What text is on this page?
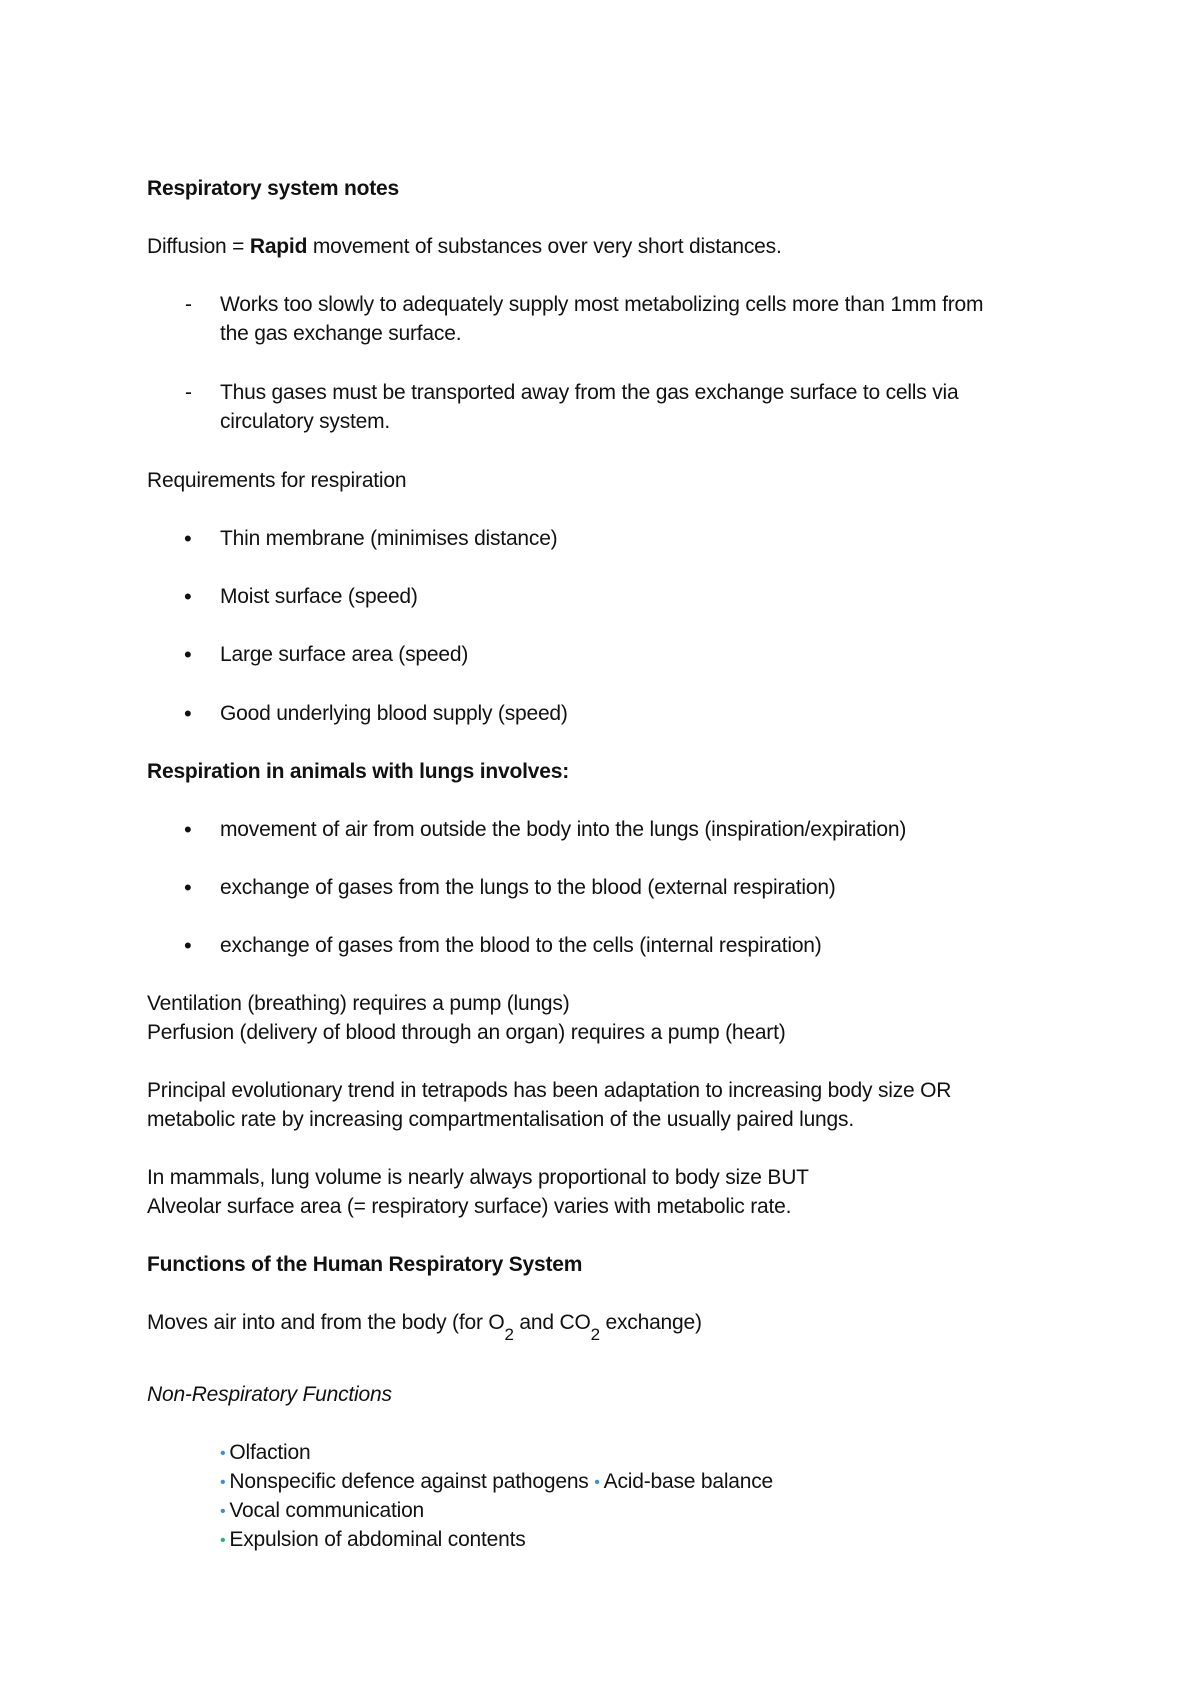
Respiratory system notes
Diffusion = Rapid movement of substances over very short distances.
- Works too slowly to adequately supply most metabolizing cells more than 1mm from
the gas exchange surface.
- Thus gases must be transported away from the gas exchange surface to cells via
circulatory system.
Requirements for respiration
• Thin membrane (minimises distance)
• Moist surface (speed)
• Large surface area (speed)
• Good underlying blood supply (speed)
Respiration in animals with lungs involves:
• movement of air from outside the body into the lungs (inspiration/expiration)
• exchange of gases from the lungs to the blood (external respiration)
• exchange of gases from the blood to the cells (internal respiration)
Ventilation (breathing) requires a pump (lungs)
Perfusion (delivery of blood through an organ) requires a pump (heart)
Principal evolutionary trend in tetrapods has been adaptation to increasing body size OR
metabolic rate by increasing compartmentalisation of the usually paired lungs.
In mammals, lung volume is nearly always proportional to body size BUT
Alveolar surface area (= respiratory surface) varies with metabolic rate.
Functions of the Human Respiratory System
Moves air into and from the body (for $O_2$ and $CO_2$ exchange)
Non-Respiratory Functions
• Olfaction
• Nonspecific defence against pathogens • Acid-base balance
• Vocal communication
• Expulsion of abdominal contents
